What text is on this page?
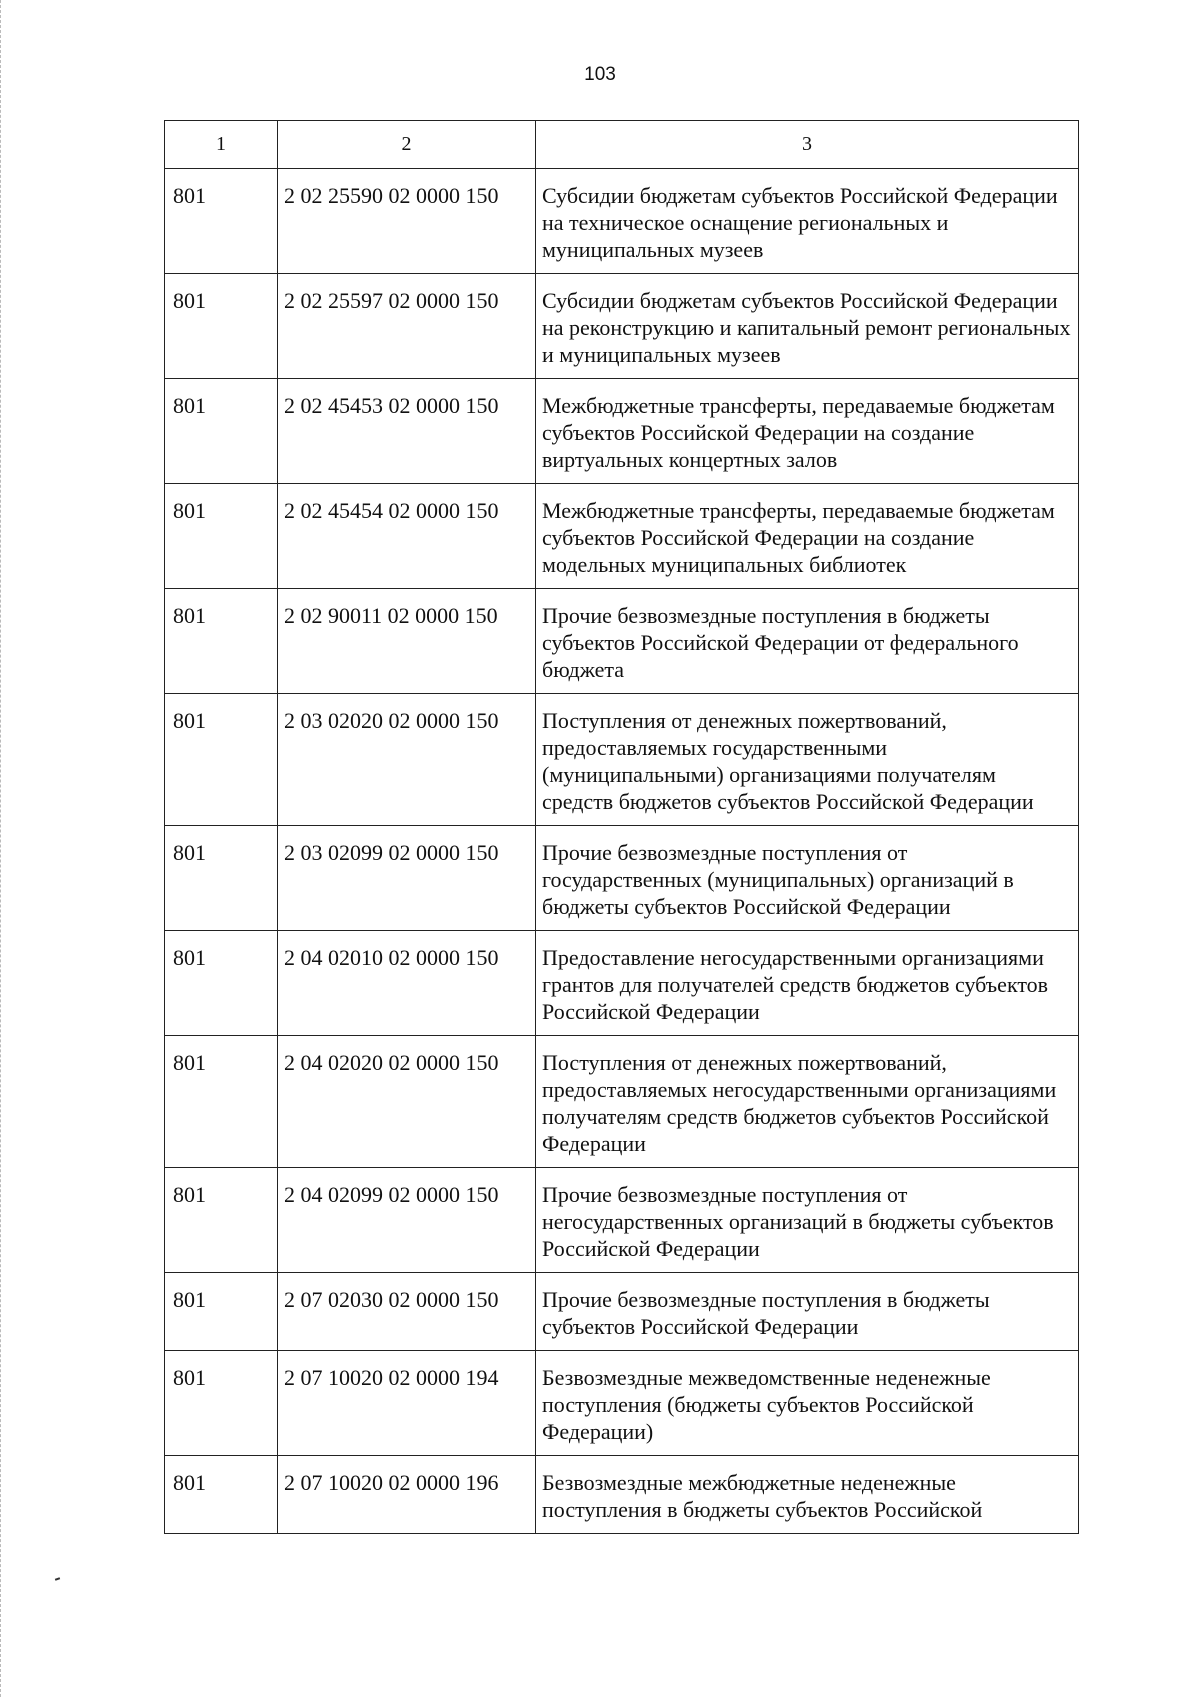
103
1	2	3
801	2 02 25590 02 0000 150	Субсидии бюджетам субъектов Российской Федерации на техническое оснащение региональных и муниципальных музеев
801	2 02 25597 02 0000 150	Субсидии бюджетам субъектов Российской Федерации на реконструкцию и капитальный ремонт региональных и муниципальных музеев
801	2 02 45453 02 0000 150	Межбюджетные трансферты, передаваемые бюджетам субъектов Российской Федерации на создание виртуальных концертных залов
801	2 02 45454 02 0000 150	Межбюджетные трансферты, передаваемые бюджетам субъектов Российской Федерации на создание модельных муниципальных библиотек
801	2 02 90011 02 0000 150	Прочие безвозмездные поступления в бюджеты субъектов Российской Федерации от федерального бюджета
801	2 03 02020 02 0000 150	Поступления от денежных пожертвований, предоставляемых государственными (муниципальными) организациями получателям средств бюджетов субъектов Российской Федерации
801	2 03 02099 02 0000 150	Прочие безвозмездные поступления от государственных (муниципальных) организаций в бюджеты субъектов Российской Федерации
801	2 04 02010 02 0000 150	Предоставление негосударственными организациями грантов для получателей средств бюджетов субъектов Российской Федерации
801	2 04 02020 02 0000 150	Поступления от денежных пожертвований, предоставляемых негосударственными организациями получателям средств бюджетов субъектов Российской Федерации
801	2 04 02099 02 0000 150	Прочие безвозмездные поступления от негосударственных организаций в бюджеты субъектов Российской Федерации
801	2 07 02030 02 0000 150	Прочие безвозмездные поступления в бюджеты субъектов Российской Федерации
801	2 07 10020 02 0000 194	Безвозмездные межведомственные неденежные поступления (бюджеты субъектов Российской Федерации)
801	2 07 10020 02 0000 196	Безвозмездные межбюджетные неденежные поступления в бюджеты субъектов Российской
